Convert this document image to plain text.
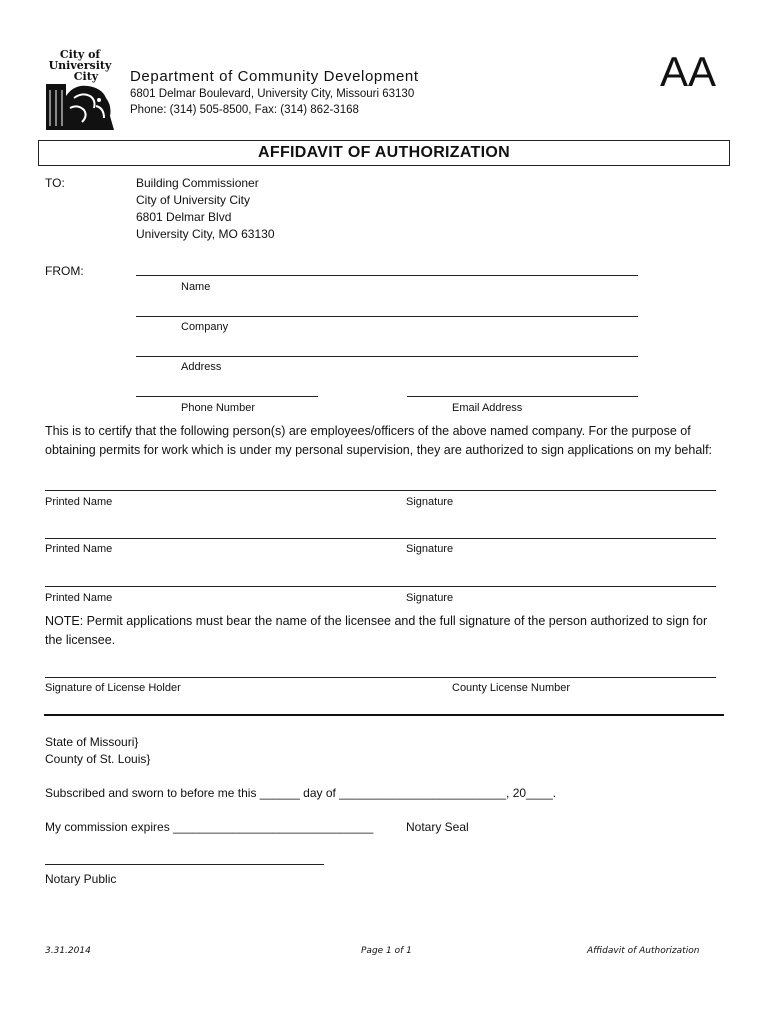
City of
University
City Department of Community Development
6801 Delmar Boulevard, University City, Missouri 63130
Phone: (314) 505-8500, Fax: (314) 862-3168
AA
AFFIDAVIT OF AUTHORIZATION
TO:	Building Commissioner
City of University City
6801 Delmar Blvd
University City, MO 63130
FROM:
Name
Company
Address
Phone Number	Email Address
This is to certify that the following person(s) are employees/officers of the above named company. For the purpose of obtaining permits for work which is under my personal supervision, they are authorized to sign applications on my behalf:
Printed Name	Signature
Printed Name	Signature
Printed Name	Signature
NOTE: Permit applications must bear the name of the licensee and the full signature of the person authorized to sign for the licensee.
Signature of License Holder	County License Number
State of Missouri}
County of St. Louis}
Subscribed and sworn to before me this ______ day of _________________________, 20____.
My commission expires ______________________________	Notary Seal
Notary Public
3.31.2014	Page 1 of 1	Affidavit of Authorization
